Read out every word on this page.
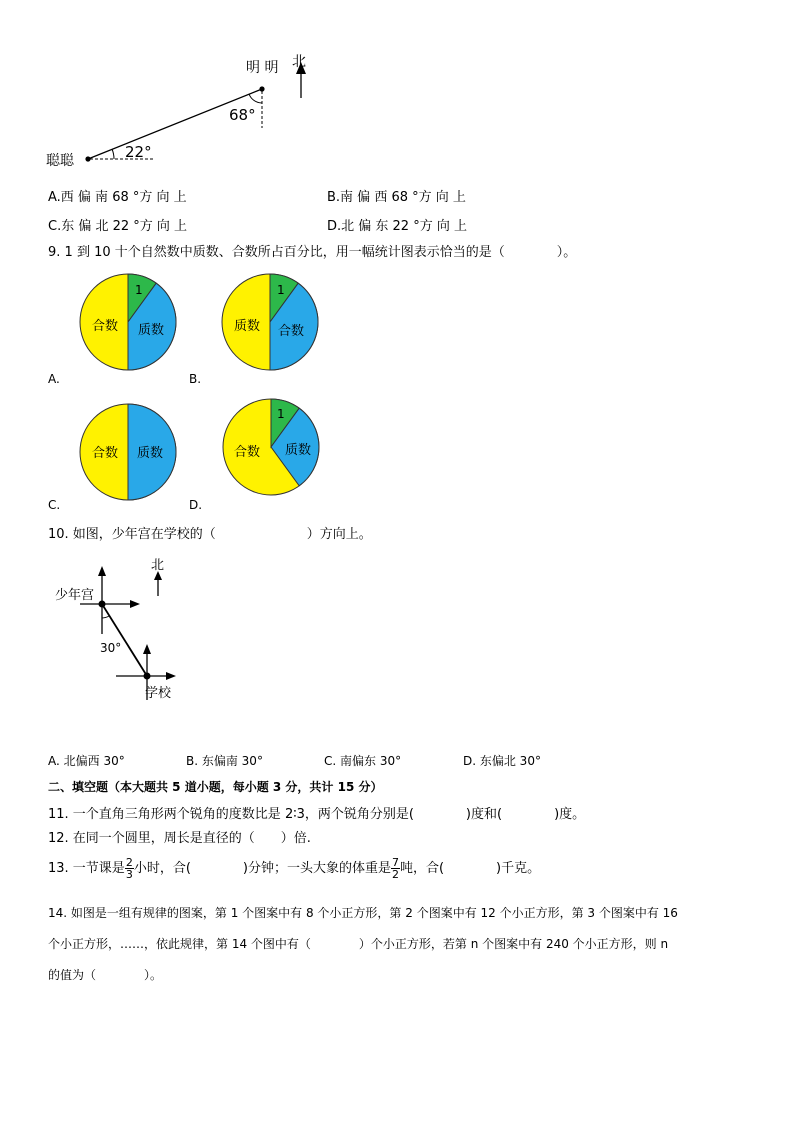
北
明 明
聪聪
68°
22°
A.西 偏 南 68 °方 向 上	B.南 偏 西 68 °方 向 上
C.东 偏 北 22 °方 向 上	D.北 偏 东 22 °方 向 上
9. 1 到 10 十个自然数中质数、合数所占百分比，用一幅统计图表示恰当的是（　　　　）。
1
合数 质数
A.
1
质数 合数
B.
合数 质数
C.
1
合数 质数
D.
10. 如图，少年宫在学校的（　　　　　　　）方向上。
北
少年宫
学校
30°
A. 北偏西 30°	B. 东偏南 30°	C. 南偏东 30°	D. 东偏北 30°
二、填空题（本大题共 5 道小题，每小题 3 分，共计 15 分）
11. 一个直角三角形两个锐角的度数比是 2∶3，两个锐角分别是(　　　　)度和(　　　　)度。
12. 在同一个圆里，周长是直径的（　　）倍.
13. 一节课是 $\frac{2}{3}$ 小时，合(　　　　)分钟；一头大象的体重是 $\frac{7}{2}$ 吨，合(　　　　)千克。
14. 如图是一组有规律的图案，第 1 个图案中有 8 个小正方形，第 2 个图案中有 12 个小正方形，第 3 个图案中有 16
个小正方形，……，依此规律，第 14 个图中有（　　　　）个小正方形，若第 n 个图案中有 240 个小正方形，则 n
的值为（　　　　）。
